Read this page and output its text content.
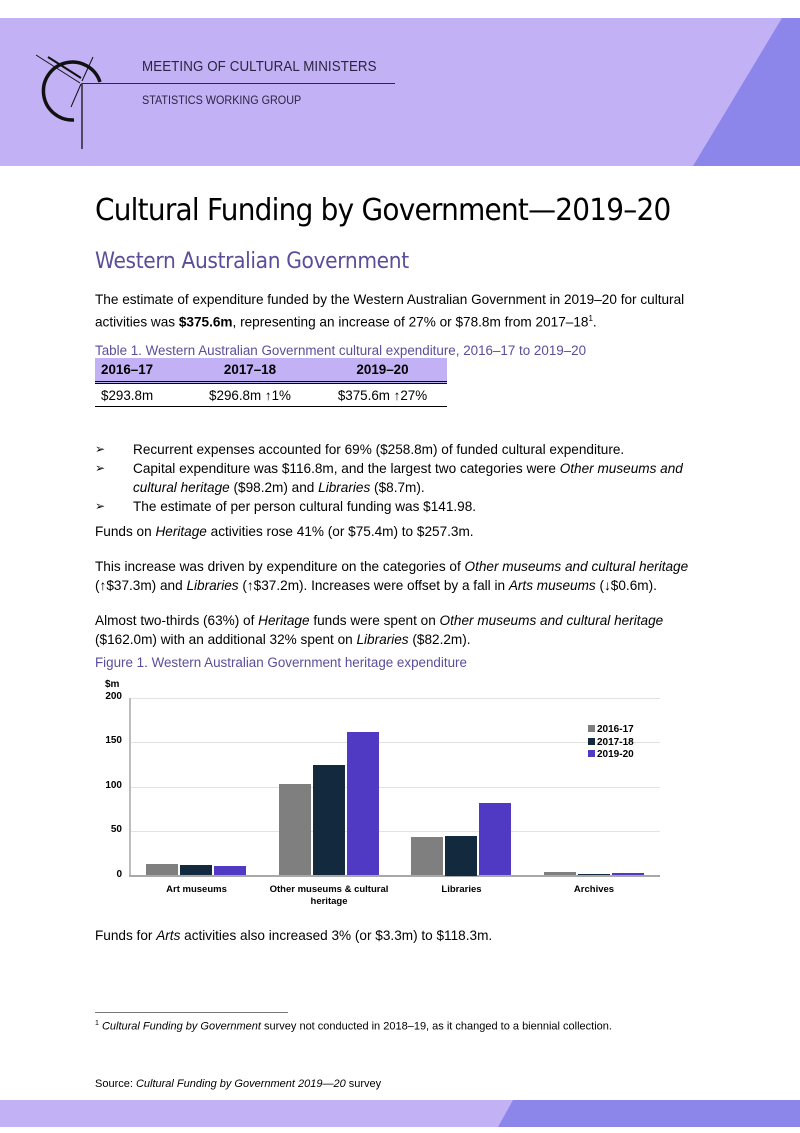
MEETING OF CULTURAL MINISTERS
STATISTICS WORKING GROUP
Cultural Funding by Government—2019–20
Western Australian Government

The estimate of expenditure funded by the Western Australian Government in 2019–20 for cultural activities was $375.6m, representing an increase of 27% or $78.8m from $2017-18^1$.

Table 1. Western Australian Government cultural expenditure, 2016–17 to 2019–20
2016–17	2017–18	2019–20
$293.8m	$296.8m ↑1%	$375.6m ↑27%
➢ Recurrent expenses accounted for 69% ($258.8m) of funded cultural expenditure.
➢ Capital expenditure was $116.8m, and the largest two categories were Other museums and cultural heritage ($98.2m) and Libraries ($8.7m).
➢ The estimate of per person cultural funding was $141.98.

Funds on Heritage activities rose 41% (or $75.4m) to $257.3m.

This increase was driven by expenditure on the categories of Other museums and cultural heritage (↑$37.3m) and Libraries (↑$37.2m). Increases were offset by a fall in Arts museums (↓$0.6m).

Almost two-thirds (63%) of Heritage funds were spent on Other museums and cultural heritage ($162.0m) with an additional 32% spent on Libraries ($82.2m).

Figure 1. Western Australian Government heritage expenditure
$m
0
50
100
150
200
Art museums	Other museums & cultural
heritage
Libraries	Archives
2016-17
2017-18
2019-20

Funds for Arts activities also increased 3% (or $3.3m) to $118.3m.

$^1$ Cultural Funding by Government survey not conducted in 2018–19, as it changed to a biennial collection.
Source: Cultural Funding by Government 2019—20 survey
